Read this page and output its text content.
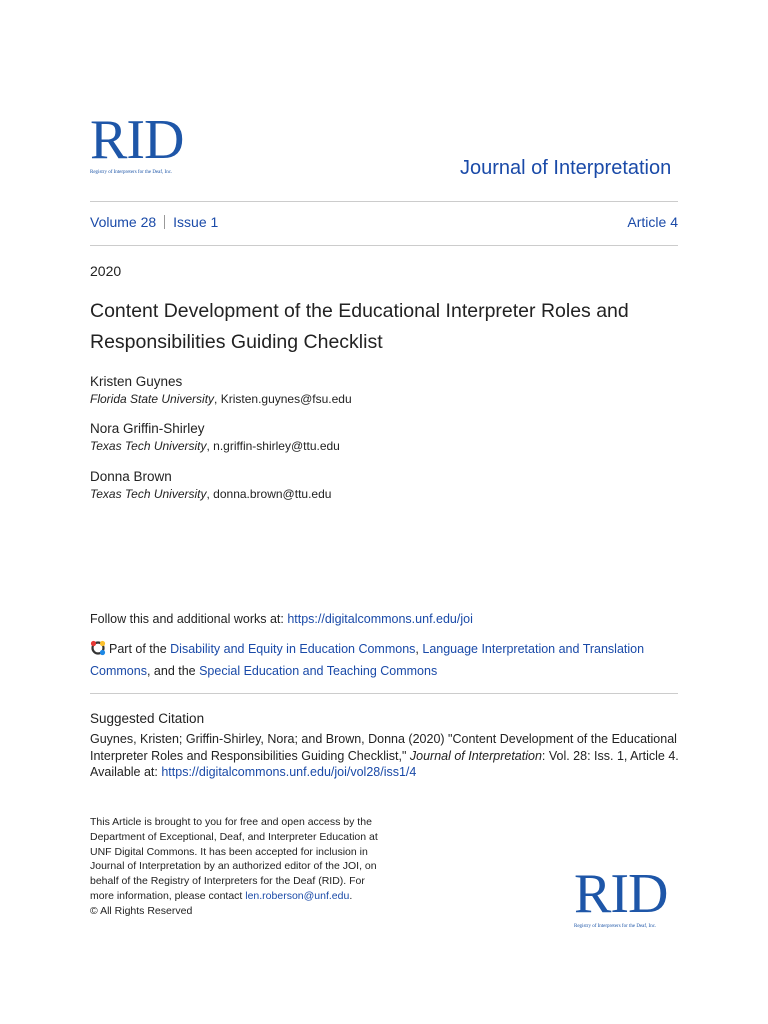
RID
Registry of Interpreters for the Deaf, Inc.	Journal of Interpretation
Volume 28 Issue 1	Article 4
2020
Content Development of the Educational Interpreter Roles and Responsibilities Guiding Checklist
Kristen Guynes
Florida State University, Kristen.guynes@fsu.edu
Nora Griffin-Shirley
Texas Tech University, n.griffin-shirley@ttu.edu
Donna Brown
Texas Tech University, donna.brown@ttu.edu
Follow this and additional works at: https://digitalcommons.unf.edu/joi
Part of the Disability and Equity in Education Commons, Language Interpretation and Translation Commons, and the Special Education and Teaching Commons
Suggested Citation
Guynes, Kristen; Griffin-Shirley, Nora; and Brown, Donna (2020) "Content Development of the Educational Interpreter Roles and Responsibilities Guiding Checklist," Journal of Interpretation: Vol. 28: Iss. 1, Article 4.
Available at: https://digitalcommons.unf.edu/joi/vol28/iss1/4
This Article is brought to you for free and open access by the Department of Exceptional, Deaf, and Interpreter Education at UNF Digital Commons. It has been accepted for inclusion in Journal of Interpretation by an authorized editor of the JOI, on behalf of the Registry of Interpreters for the Deaf (RID). For more information, please contact len.roberson@unf.edu.
© All Rights Reserved	RID
Registry of Interpreters for the Deaf, Inc.
